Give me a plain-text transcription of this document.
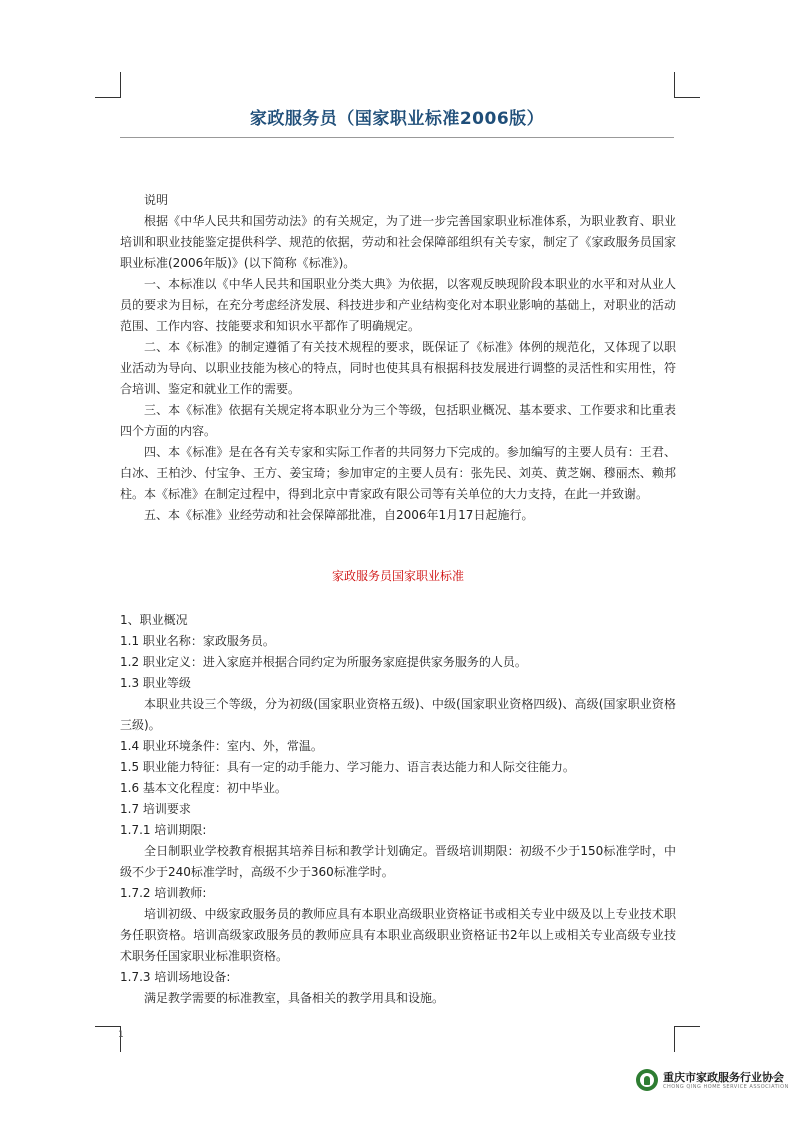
家政服务员（国家职业标准2006版）

说明

根据《中华人民共和国劳动法》的有关规定，为了进一步完善国家职业标准体系，为职业教育、职业培训和职业技能鉴定提供科学、规范的依据，劳动和社会保障部组织有关专家，制定了《家政服务员国家职业标准(2006年版)》(以下简称《标准》)。

一、本标准以《中华人民共和国职业分类大典》为依据，以客观反映现阶段本职业的水平和对从业人员的要求为目标，在充分考虑经济发展、科技进步和产业结构变化对本职业影响的基础上，对职业的活动范围、工作内容、技能要求和知识水平都作了明确规定。

二、本《标准》的制定遵循了有关技术规程的要求，既保证了《标准》体例的规范化，又体现了以职业活动为导向、以职业技能为核心的特点，同时也使其具有根据科技发展进行调整的灵活性和实用性，符合培训、鉴定和就业工作的需要。

三、本《标准》依据有关规定将本职业分为三个等级，包括职业概况、基本要求、工作要求和比重表四个方面的内容。

四、本《标准》是在各有关专家和实际工作者的共同努力下完成的。参加编写的主要人员有：王君、白冰、王柏沙、付宝争、王方、姜宝琦；参加审定的主要人员有：张先民、刘英、黄芝娴、穆丽杰、赖邦柱。本《标准》在制定过程中，得到北京中青家政有限公司等有关单位的大力支持，在此一并致谢。

五、本《标准》业经劳动和社会保障部批准，自2006年1月17日起施行。

家政服务员国家职业标准

1、职业概况

1.1 职业名称：家政服务员。

1.2 职业定义：进入家庭并根据合同约定为所服务家庭提供家务服务的人员。

1.3 职业等级

本职业共设三个等级，分为初级(国家职业资格五级)、中级(国家职业资格四级)、高级(国家职业资格三级)。

1.4 职业环境条件：室内、外，常温。

1.5 职业能力特征：具有一定的动手能力、学习能力、语言表达能力和人际交往能力。

1.6 基本文化程度：初中毕业。

1.7 培训要求

1.7.1 培训期限:

全日制职业学校教育根据其培养目标和教学计划确定。晋级培训期限：初级不少于150标准学时，中级不少于240标准学时，高级不少于360标准学时。

1.7.2 培训教师:

培训初级、中级家政服务员的教师应具有本职业高级职业资格证书或相关专业中级及以上专业技术职务任职资格。培训高级家政服务员的教师应具有本职业高级职业资格证书2年以上或相关专业高级专业技术职务任国家职业标准职资格。

1.7.3 培训场地设备:

满足教学需要的标准教室，具备相关的教学用具和设施。

1
重庆市家政服务行业协会
CHONG QING HOME SERVICE ASSOCIATION
